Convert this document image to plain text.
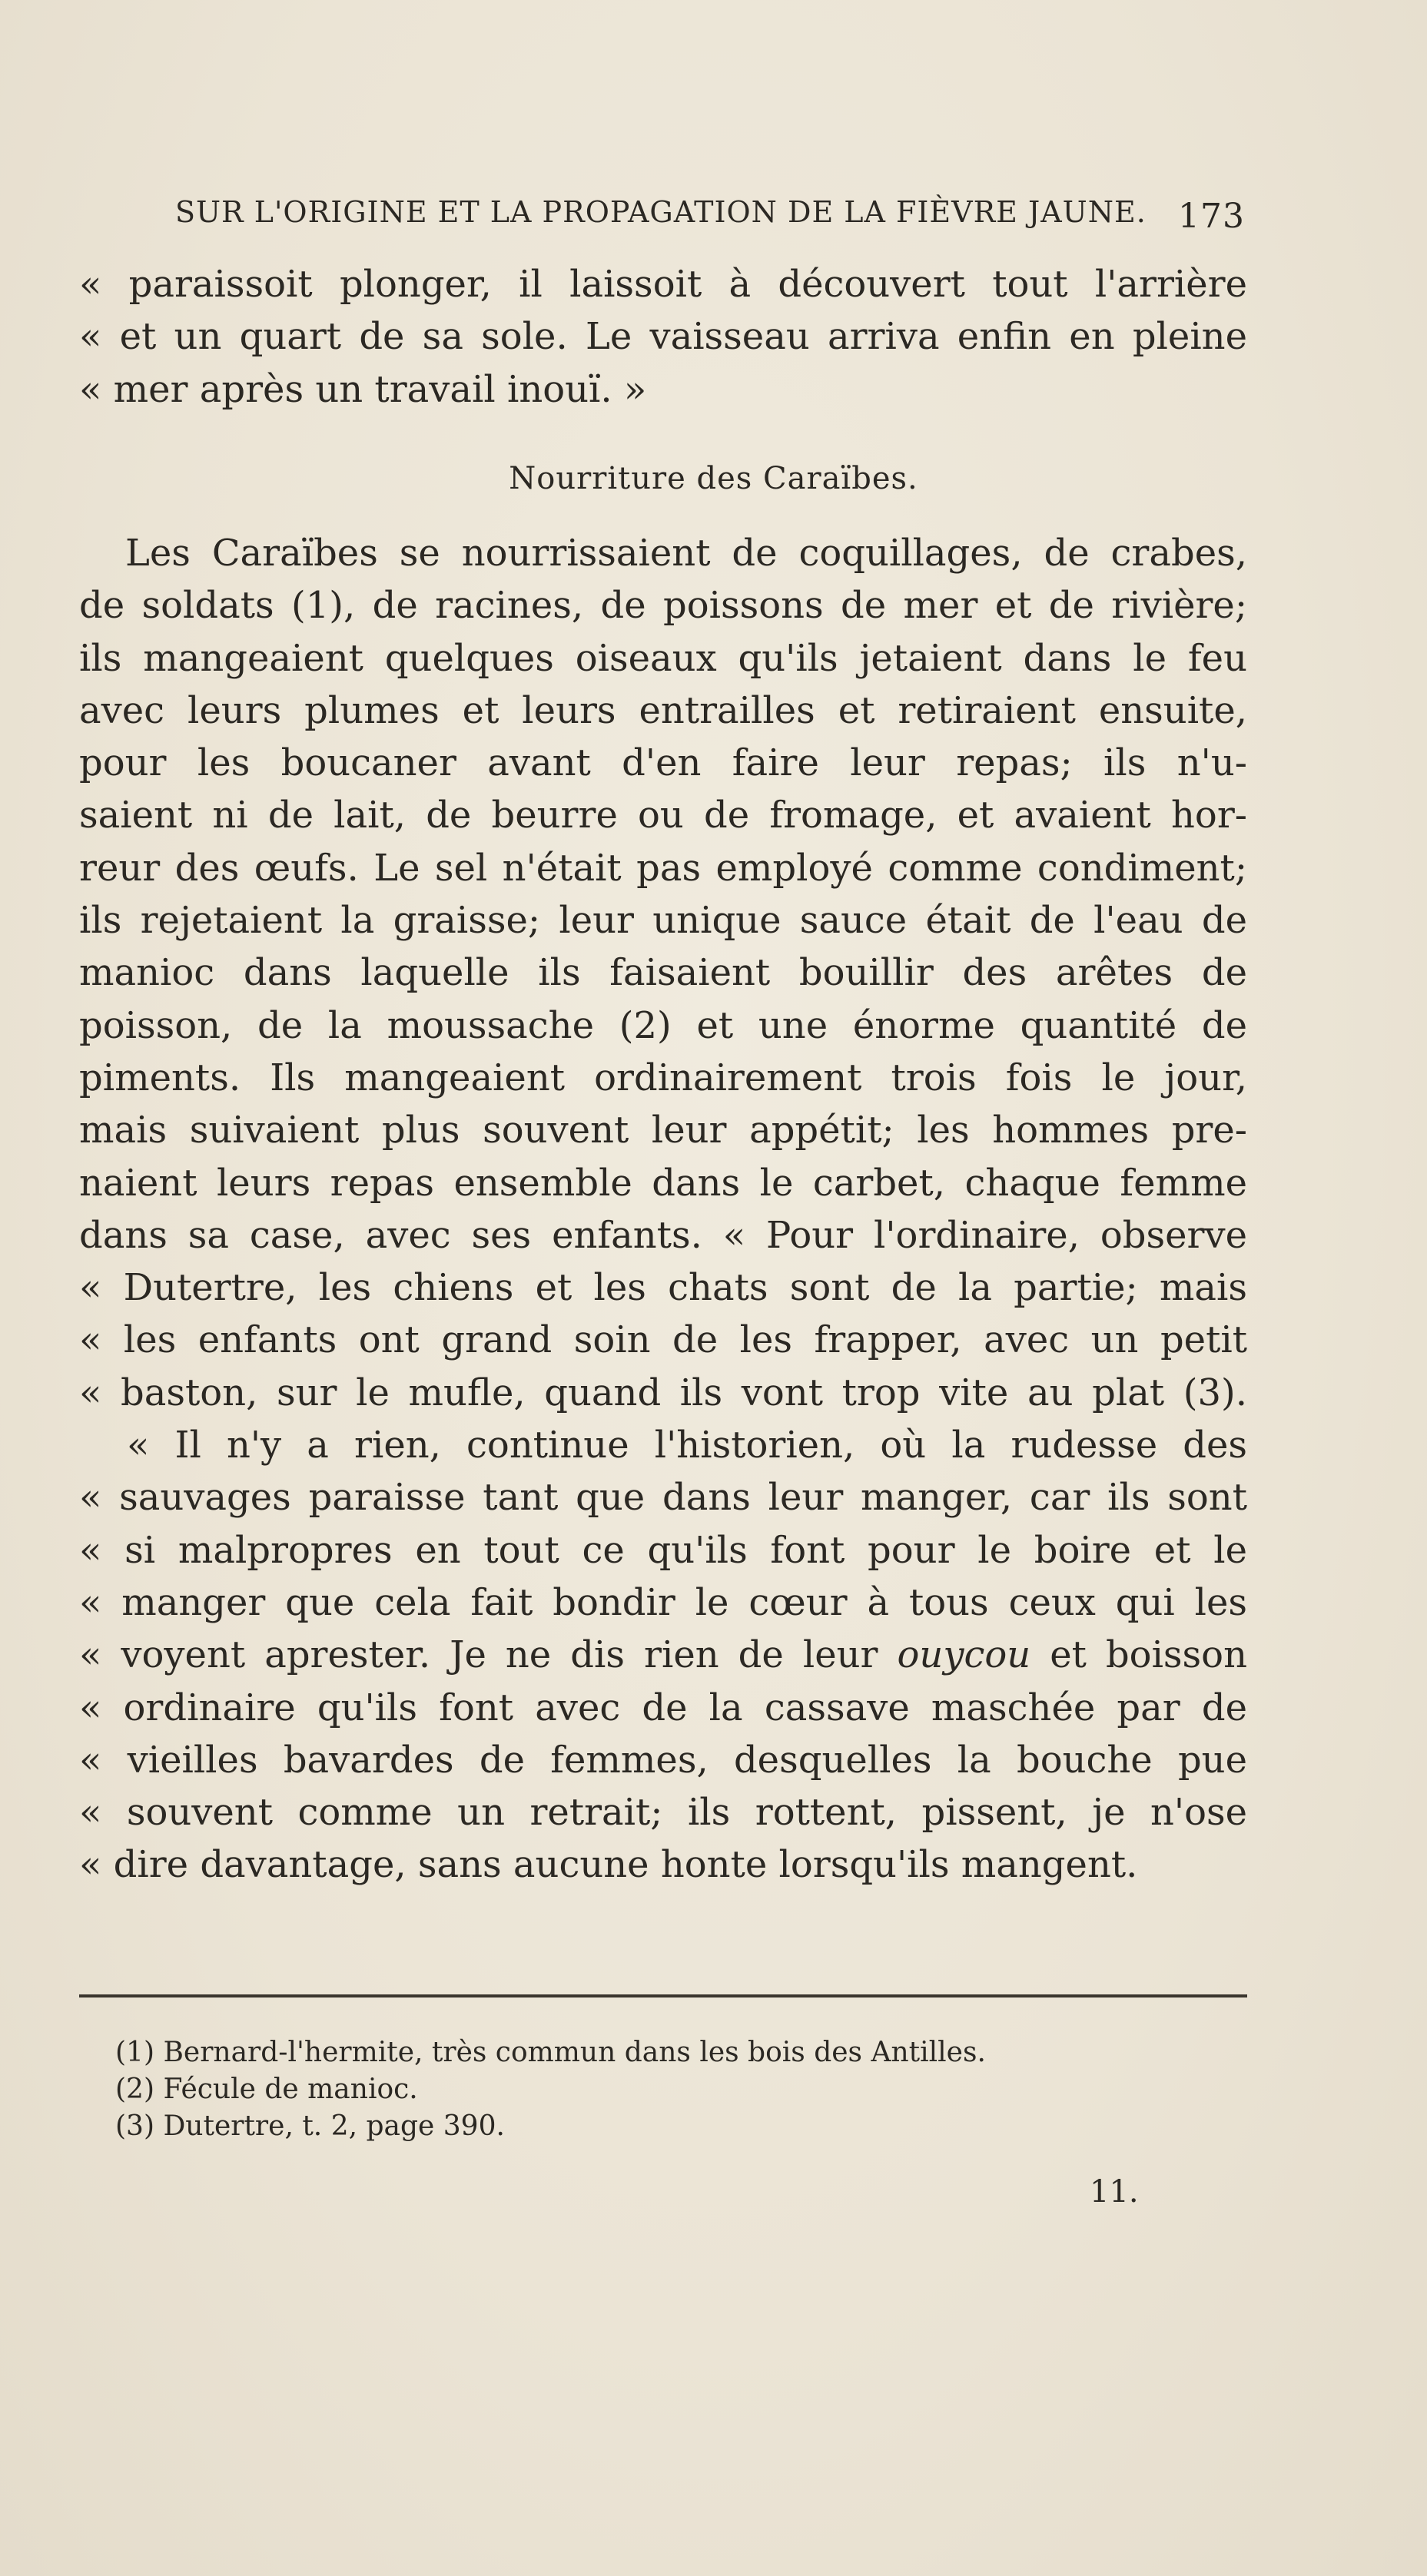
SUR L'ORIGINE ET LA PROPAGATION DE LA FIÈVRE JAUNE. 173
« paraissoit plonger, il laissoit à découvert tout l'arrière
« et un quart de sa sole. Le vaisseau arriva enfin en pleine
« mer après un travail inouï. »
Nourriture des Caraïbes.
Les Caraïbes se nourrissaient de coquillages, de crabes,
de soldats (1), de racines, de poissons de mer et de rivière;
ils mangeaient quelques oiseaux qu'ils jetaient dans le feu
avec leurs plumes et leurs entrailles et retiraient ensuite,
pour les boucaner avant d'en faire leur repas; ils n'u-
saient ni de lait, de beurre ou de fromage, et avaient hor-
reur des œufs. Le sel n'était pas employé comme condiment;
ils rejetaient la graisse; leur unique sauce était de l'eau de
manioc dans laquelle ils faisaient bouillir des arêtes de
poisson, de la moussache (2) et une énorme quantité de
piments. Ils mangeaient ordinairement trois fois le jour,
mais suivaient plus souvent leur appétit; les hommes pre-
naient leurs repas ensemble dans le carbet, chaque femme
dans sa case, avec ses enfants. « Pour l'ordinaire, observe
« Dutertre, les chiens et les chats sont de la partie; mais
« les enfants ont grand soin de les frapper, avec un petit
« baston, sur le mufle, quand ils vont trop vite au plat (3).
« Il n'y a rien, continue l'historien, où la rudesse des
« sauvages paraisse tant que dans leur manger, car ils sont
« si malpropres en tout ce qu'ils font pour le boire et le
« manger que cela fait bondir le cœur à tous ceux qui les
« voyent aprester. Je ne dis rien de leur ouycou et boisson
« ordinaire qu'ils font avec de la cassave maschée par de
« vieilles bavardes de femmes, desquelles la bouche pue
« souvent comme un retrait; ils rottent, pissent, je n'ose
« dire davantage, sans aucune honte lorsqu'ils mangent.
(1) Bernard-l'hermite, très commun dans les bois des Antilles.
(2) Fécule de manioc.
(3) Dutertre, t. 2, page 390.
11.
